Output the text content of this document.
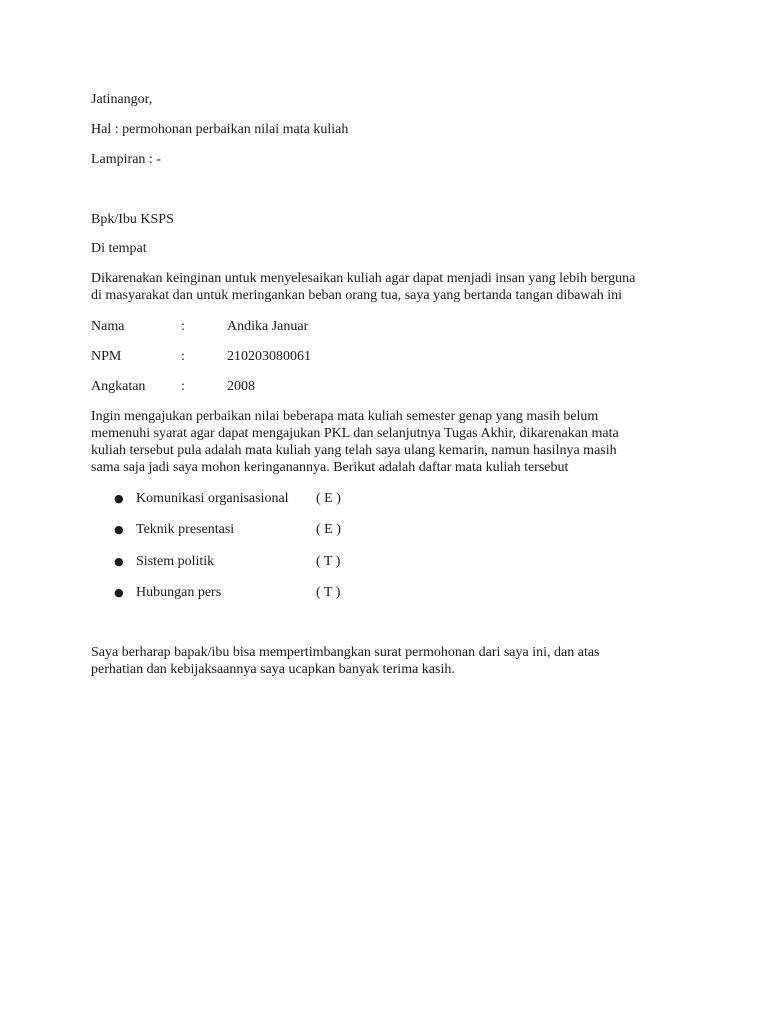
Jatinangor,
Hal : permohonan perbaikan nilai mata kuliah
Lampiran : -
Bpk/Ibu KSPS
Di tempat
Dikarenakan keinginan untuk menyelesaikan kuliah agar dapat menjadi insan yang lebih berguna
di masyarakat dan untuk meringankan beban orang tua, saya yang bertanda tangan dibawah ini
Nama	:	Andika Januar
NPM	:	210203080061
Angkatan	:	2008
Ingin mengajukan perbaikan nilai beberapa mata kuliah semester genap yang masih belum
memenuhi syarat agar dapat mengajukan PKL dan selanjutnya Tugas Akhir, dikarenakan mata
kuliah tersebut pula adalah mata kuliah yang telah saya ulang kemarin, namun hasilnya masih
sama saja jadi saya mohon keringanannya. Berikut adalah daftar mata kuliah tersebut
● Komunikasi organisasional ( E )
● Teknik presentasi	( E )
● Sistem politik	( T )
● Hubungan pers	( T )
Saya berharap bapak/ibu bisa mempertimbangkan surat permohonan dari saya ini, dan atas
perhatian dan kebijaksaannya saya ucapkan banyak terima kasih.
